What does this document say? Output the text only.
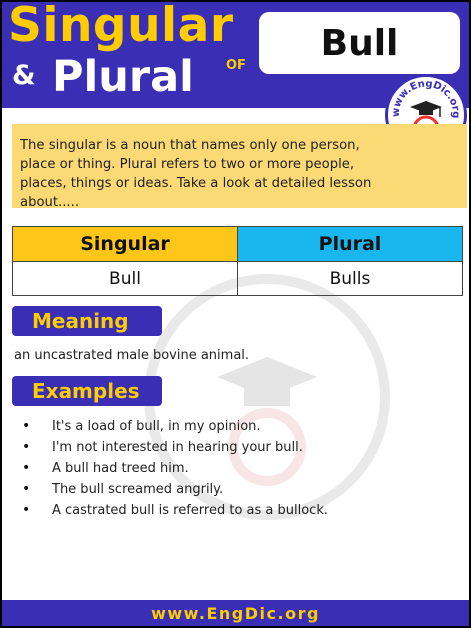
Singular
& Plural OF
Bull
www.EngDic.org
The singular is a noun that names only one person, place or thing. Plural refers to two or more people, places, things or ideas. Take a look at detailed lesson about.....
Singular	Plural
Bull	Bulls
Meaning
an uncastrated male bovine animal.
Examples
• It's a load of bull, in my opinion.
• I'm not interested in hearing your bull.
• A bull had treed him.
• The bull screamed angrily.
• A castrated bull is referred to as a bullock.
www.EngDic.org
